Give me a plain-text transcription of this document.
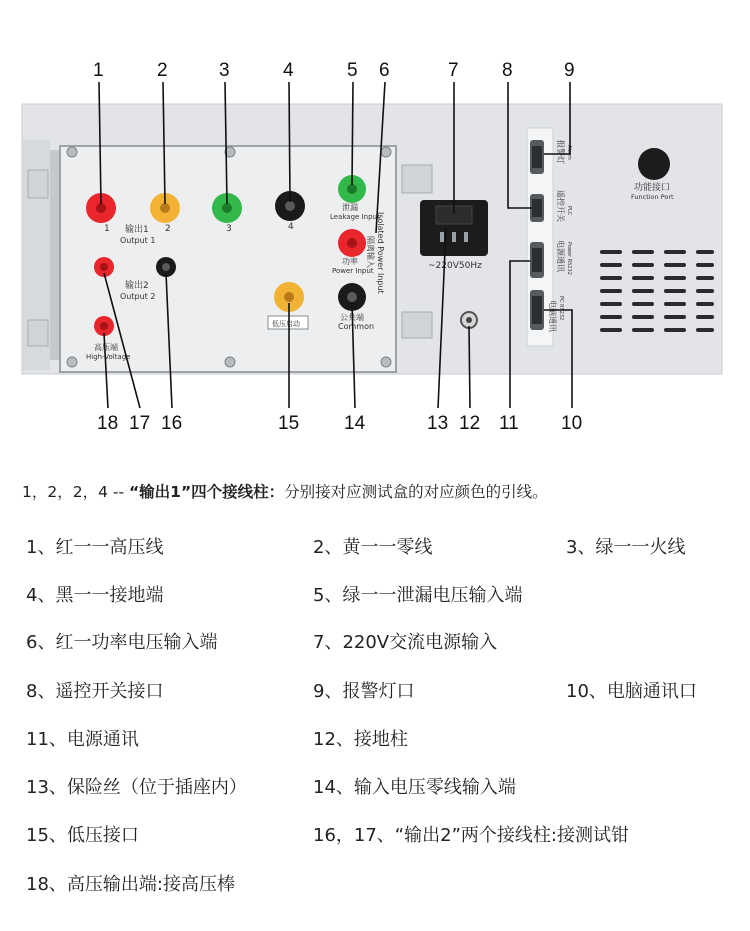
功能接口
Function Port
1 输出1 2	3	4
Output 1
泄漏
Leakage Input
功率
Power Input Isolated Power Input
隔离输入
输出2
Output 2
高压端
High-Voltage
低压启动
公共端
Common
~220V50Hz
报警灯 Alarm
遥控开关 PLC
电源通讯 Power RS232
电脑通讯 PC RS232
1	2	3	4	5 6	7 8	9
18 17 16	15 14	13 12 11 10
1，2，2，4 -- “输出1”四个接线柱：分别接对应测试盒的对应颜色的引线。
1、红一一高压线	2、黄一一零线	3、绿一一火线
4、黑一一接地端	5、绿一一泄漏电压输入端
6、红一功率电压输入端	7、220V交流电源输入
8、遥控开关接口	9、报警灯口	10、电脑通讯口
11、电源通讯	12、接地柱
13、保险丝（位于插座内）	14、输入电压零线输入端
15、低压接口	16，17、“输出2”两个接线柱:接测试钳
18、高压输出端:接高压棒
